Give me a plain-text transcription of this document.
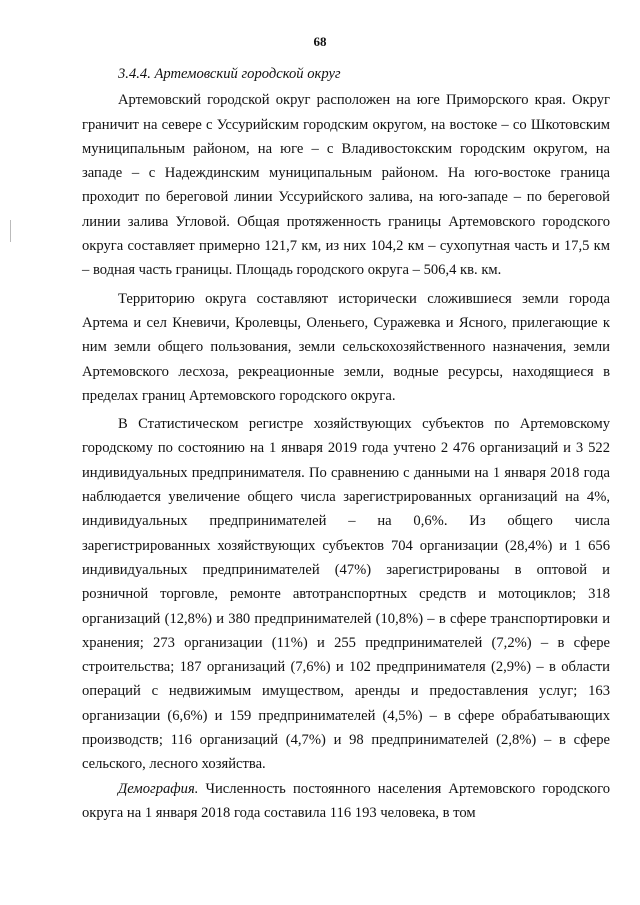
68

3.4.4. Артемовский городской округ

Артемовский городской округ расположен на юге Приморского края. Округ граничит на севере с Уссурийским городским округом, на востоке – со Шкотовским муниципальным районом, на юге – с Владивостокским городским округом, на западе – с Надеждинским муниципальным районом. На юго-востоке граница проходит по береговой линии Уссурийского залива, на юго-западе – по береговой линии залива Угловой. Общая протяженность границы Артемовского городского округа составляет примерно 121,7 км, из них 104,2 км – сухопутная часть и 17,5 км – водная часть границы. Площадь городского округа – 506,4 кв. км.

Территорию округа составляют исторически сложившиеся земли города Артема и сел Кневичи, Кролевцы, Оленьего, Суражевка и Ясного, прилегающие к ним земли общего пользования, земли сельскохозяйственного назначения, земли Артемовского лесхоза, рекреационные земли, водные ресурсы, находящиеся в пределах границ Артемовского городского округа.

В Статистическом регистре хозяйствующих субъектов по Артемовскому городскому по состоянию на 1 января 2019 года учтено 2 476 организаций и 3 522 индивидуальных предпринимателя. По сравнению с данными на 1 января 2018 года наблюдается увеличение общего числа зарегистрированных организаций на 4%, индивидуальных предпринимателей – на 0,6%. Из общего числа зарегистрированных хозяйствующих субъектов 704 организации (28,4%) и 1 656 индивидуальных предпринимателей (47%) зарегистрированы в оптовой и розничной торговле, ремонте автотранспортных средств и мотоциклов; 318 организаций (12,8%) и 380 предпринимателей (10,8%) – в сфере транспортировки и хранения; 273 организации (11%) и 255 предпринимателей (7,2%) – в сфере строительства; 187 организаций (7,6%) и 102 предпринимателя (2,9%) – в области операций с недвижимым имуществом, аренды и предоставления услуг; 163 организации (6,6%) и 159 предпринимателей (4,5%) – в сфере обрабатывающих производств; 116 организаций (4,7%) и 98 предпринимателей (2,8%) – в сфере сельского, лесного хозяйства.

Демография. Численность постоянного населения Артемовского городского округа на 1 января 2018 года составила 116 193 человека, в том
